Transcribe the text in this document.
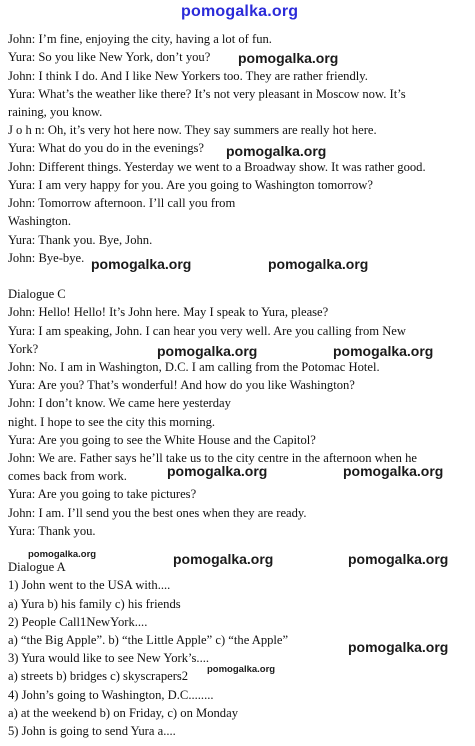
pomogalka.org
pomogalka.org
pomogalka.org
pomogalka.org	pomogalka.org
pomogalka.org	pomogalka.org
pomogalka.org	pomogalka.org
pomogalka.org	pomogalka.org	pomogalka.org
pomogalka.org
pomogalka.org
John: I’m fine, enjoying the city, having a lot of fun.
Yura: So you like New York, don’t you?
John: I think I do. And I like New Yorkers too. They are rather friendly.
Yura: What’s the weather like there? It’s not very pleasant in Moscow now. It’s
raining, you know.
J o h n: Oh, it’s very hot here now. They say summers are really hot here.
Yura: What do you do in the evenings?
John: Different things. Yesterday we went to a Broadway show. It was rather good.
Yura: I am very happy for you. Are you going to Washington tomorrow?
John: Tomorrow afternoon. I’ll call you from
Washington.
Yura: Thank you. Bye, John.
John: Bye-bye.
Dialogue C
John: Hello! Hello! It’s John here. May I speak to Yura, please?
Yura: I am speaking, John. I can hear you very well. Are you calling from New
York?
John: No. I am in Washington, D.C. I am calling from the Potomac Hotel.
Yura: Are you? That’s wonderful! And how do you like Washington?
John: I don’t know. We came here yesterday
night. I hope to see the city this morning.
Yura: Are you going to see the White House and the Capitol?
John: We are. Father says he’ll take us to the city centre in the afternoon when he
comes back from work.
Yura: Are you going to take pictures?
John: I am. I’ll send you the best ones when they are ready.
Yura: Thank you.
Dialogue A
1) John went to the USA with....
a) Yura b) his family c) his friends
2) People Call1NewYork....
a) “the Big Apple”. b) “the Little Apple” c) “the Apple”
3) Yura would like to see New York’s....
a) streets b) bridges c) skyscrapers2
4) John’s going to Washington, D.C........
a) at the weekend b) on Friday, c) on Monday
5) John is going to send Yura a....
